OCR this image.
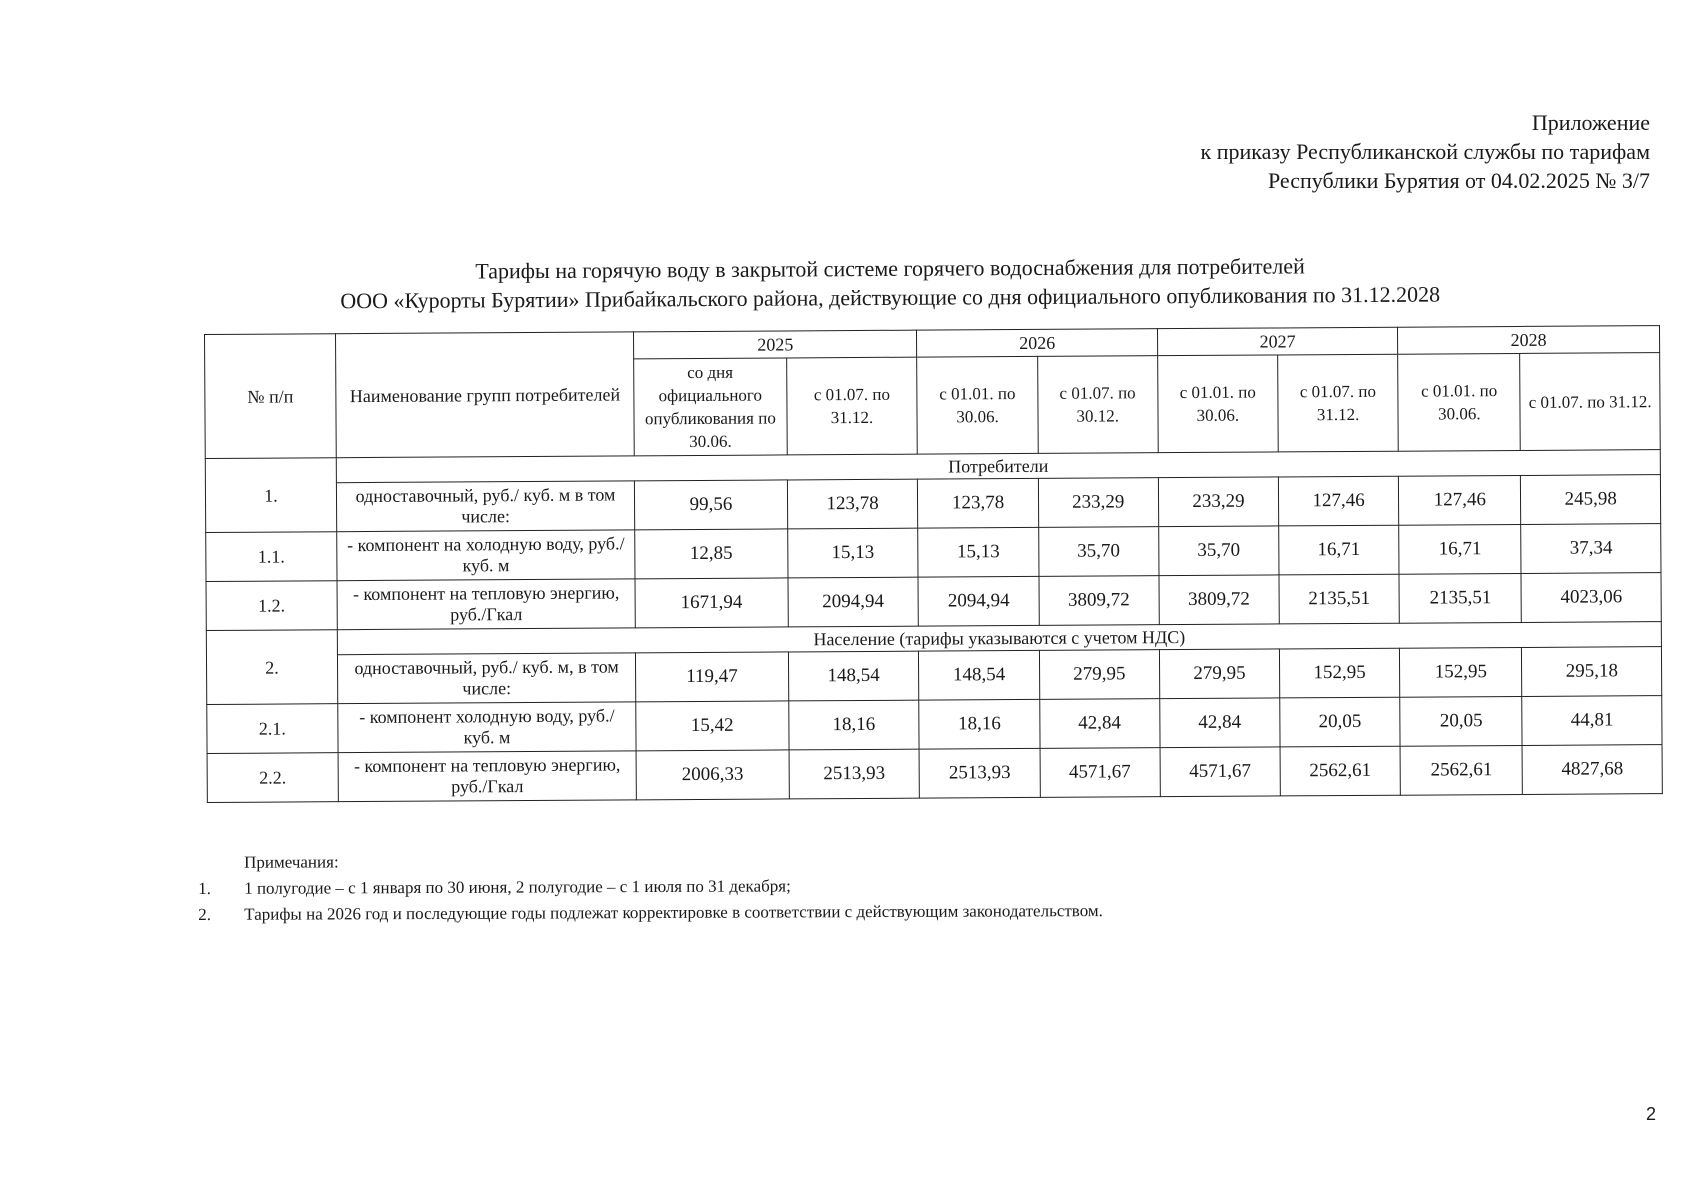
Приложение
к приказу Республиканской службы по тарифам
Республики Бурятия от 04.02.2025 № 3/7
Тарифы на горячую воду в закрытой системе горячего водоснабжения для потребителей
ООО «Курорты Бурятии» Прибайкальского района, действующие со дня официального опубликования по 31.12.2028
№ п/п	Наименование групп потребителей	2025		2026		2027		2028	
		со дня официального опубликования по 30.06.	с 01.07. по 31.12.	с 01.01. по 30.06.	с 01.07. по 30.12.	с 01.01. по 30.06.	с 01.07. по 31.12.	с 01.01. по 30.06.	с 01.07. по 31.12.
1.	Потребители								
	одноставочный, руб./ куб. м в том числе:	99,56	123,78	123,78	233,29	233,29	127,46	127,46	245,98
1.1.	- компонент на холодную воду, руб./ куб. м	12,85	15,13	15,13	35,70	35,70	16,71	16,71	37,34
1.2.	- компонент на тепловую энергию, руб./Гкал	1671,94	2094,94	2094,94	3809,72	3809,72	2135,51	2135,51	4023,06
2.	Население (тарифы указываются с учетом НДС)								
	одноставочный, руб./ куб. м, в том числе:	119,47	148,54	148,54	279,95	279,95	152,95	152,95	295,18
2.1.	- компонент холодную воду, руб./ куб. м	15,42	18,16	18,16	42,84	42,84	20,05	20,05	44,81
2.2.	- компонент на тепловую энергию, руб./Гкал	2006,33	2513,93	2513,93	4571,67	4571,67	2562,61	2562,61	4827,68
Примечания:
1.	1 полугодие – с 1 января по 30 июня, 2 полугодие – с 1 июля по 31 декабря;
2.	Тарифы на 2026 год и последующие годы подлежат корректировке в соответствии с действующим законодательством.
2
